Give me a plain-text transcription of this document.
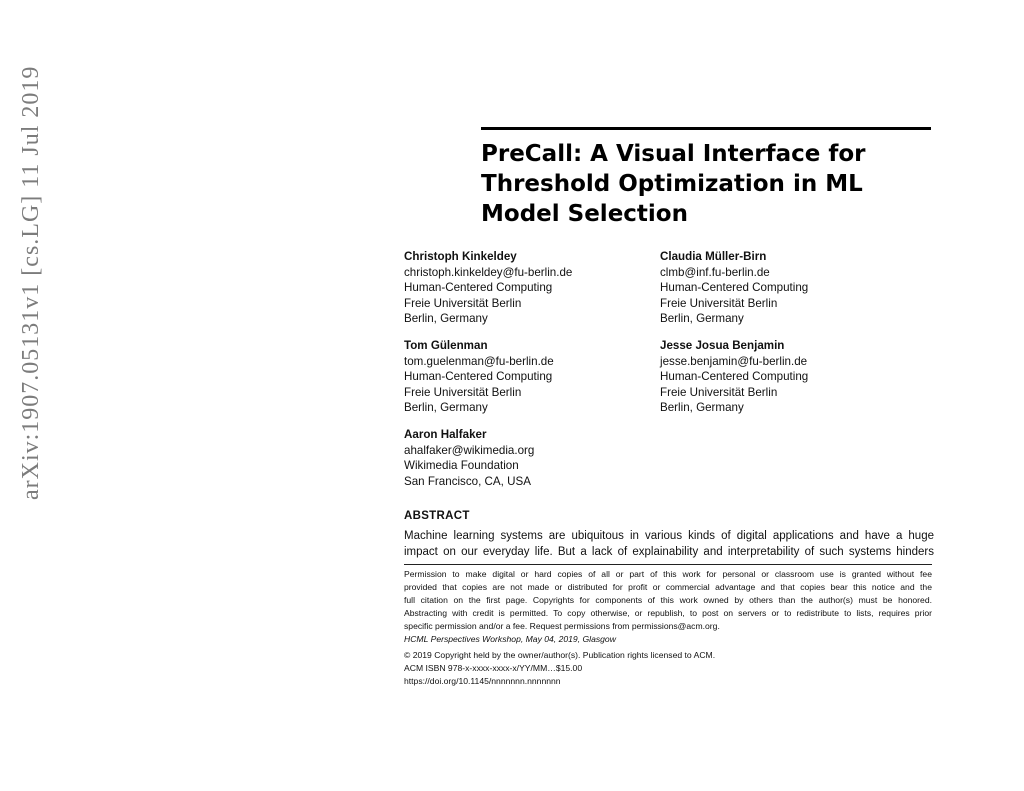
arXiv:1907.05131v1 [cs.LG] 11 Jul 2019	PreCall: A Visual Interface for
Threshold Optimization in ML
Model Selection
Christoph Kinkeldey
christoph.kinkeldey@fu-berlin.de
Human-Centered Computing
Freie Universität Berlin
Berlin, Germany
Claudia Müller-Birn
clmb@inf.fu-berlin.de
Human-Centered Computing
Freie Universität Berlin
Berlin, Germany
Tom Gülenman
tom.guelenman@fu-berlin.de
Human-Centered Computing
Freie Universität Berlin
Berlin, Germany
Jesse Josua Benjamin
jesse.benjamin@fu-berlin.de
Human-Centered Computing
Freie Universität Berlin
Berlin, Germany
Aaron Halfaker
ahalfaker@wikimedia.org
Wikimedia Foundation
San Francisco, CA, USA
ABSTRACT
Machine learning systems are ubiquitous in various kinds of digital applications and have a huge
impact on our everyday life. But a lack of explainability and interpretability of such systems hinders
Permission to make digital or hard copies of all or part of this work for personal or classroom use is granted without fee
provided that copies are not made or distributed for profit or commercial advantage and that copies bear this notice and the
full citation on the first page. Copyrights for components of this work owned by others than the author(s) must be honored.
Abstracting with credit is permitted. To copy otherwise, or republish, to post on servers or to redistribute to lists, requires prior
specific permission and/or a fee. Request permissions from permissions@acm.org.
HCML Perspectives Workshop, May 04, 2019, Glasgow
© 2019 Copyright held by the owner/author(s). Publication rights licensed to ACM.
ACM ISBN 978-x-xxxx-xxxx-x/YY/MM…$15.00
https://doi.org/10.1145/nnnnnnn.nnnnnnn
